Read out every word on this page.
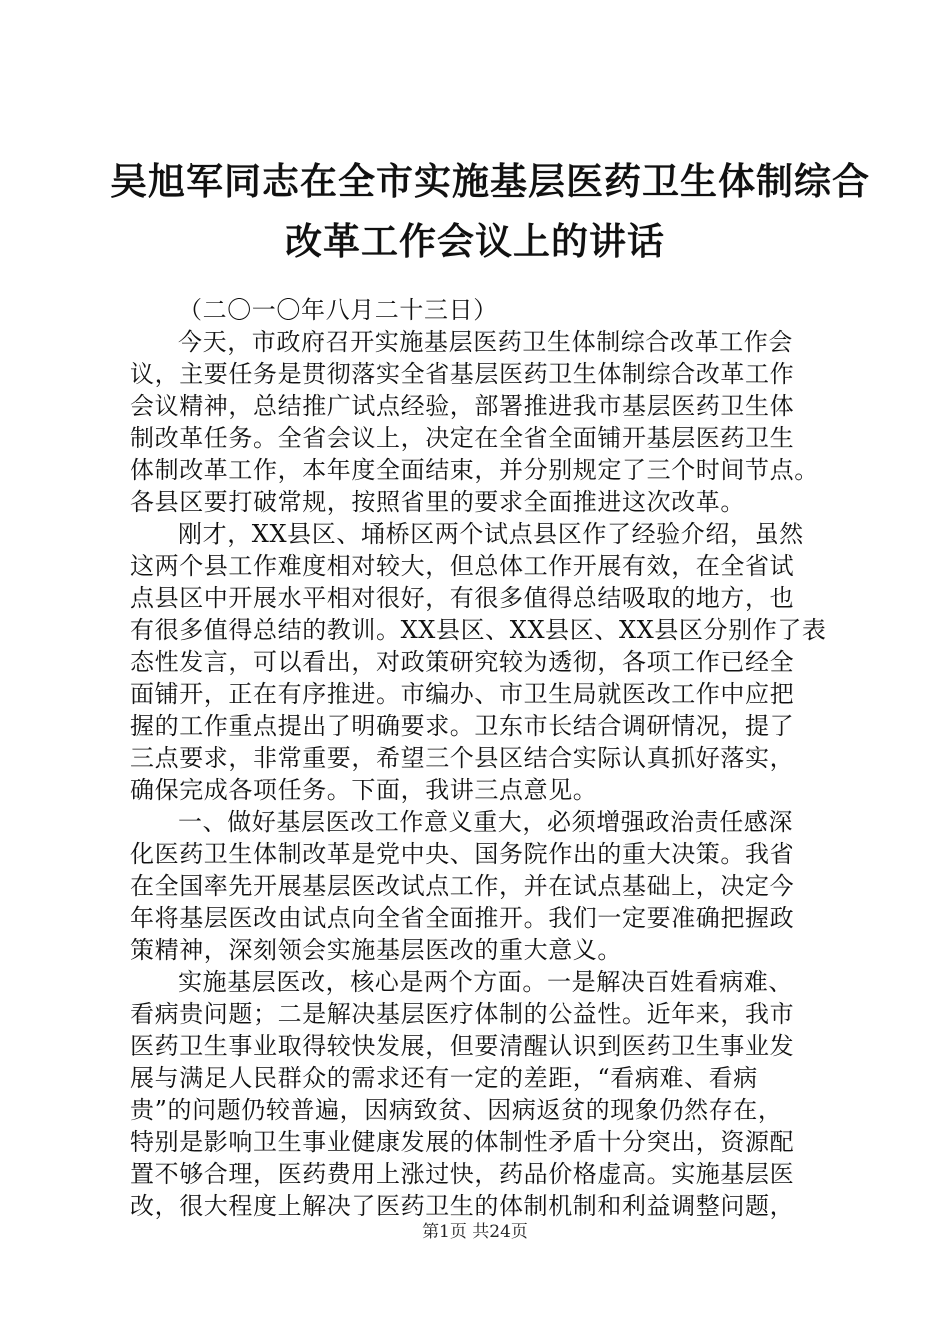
吴旭军同志在全市实施基层医药卫生体制综合
改革工作会议上的讲话
（二〇一〇年八月二十三日）
今天，市政府召开实施基层医药卫生体制综合改革工作会
议，主要任务是贯彻落实全省基层医药卫生体制综合改革工作
会议精神，总结推广试点经验，部署推进我市基层医药卫生体
制改革任务。全省会议上，决定在全省全面铺开基层医药卫生
体制改革工作，本年度全面结束，并分别规定了三个时间节点。
各县区要打破常规，按照省里的要求全面推进这次改革。
刚才，XX县区、埇桥区两个试点县区作了经验介绍，虽然
这两个县工作难度相对较大，但总体工作开展有效，在全省试
点县区中开展水平相对很好，有很多值得总结吸取的地方，也
有很多值得总结的教训。XX县区、XX县区、XX县区分别作了表
态性发言，可以看出，对政策研究较为透彻，各项工作已经全
面铺开，正在有序推进。市编办、市卫生局就医改工作中应把
握的工作重点提出了明确要求。卫东市长结合调研情况，提了
三点要求，非常重要，希望三个县区结合实际认真抓好落实，
确保完成各项任务。下面，我讲三点意见。
一、做好基层医改工作意义重大，必须增强政治责任感深
化医药卫生体制改革是党中央、国务院作出的重大决策。我省
在全国率先开展基层医改试点工作，并在试点基础上，决定今
年将基层医改由试点向全省全面推开。我们一定要准确把握政
策精神，深刻领会实施基层医改的重大意义。
实施基层医改，核心是两个方面。一是解决百姓看病难、
看病贵问题；二是解决基层医疗体制的公益性。近年来，我市
医药卫生事业取得较快发展，但要清醒认识到医药卫生事业发
展与满足人民群众的需求还有一定的差距，“看病难、看病
贵”的问题仍较普遍，因病致贫、因病返贫的现象仍然存在，
特别是影响卫生事业健康发展的体制性矛盾十分突出，资源配
置不够合理，医药费用上涨过快，药品价格虚高。实施基层医
改，很大程度上解决了医药卫生的体制机制和利益调整问题，
第1页 共24页
